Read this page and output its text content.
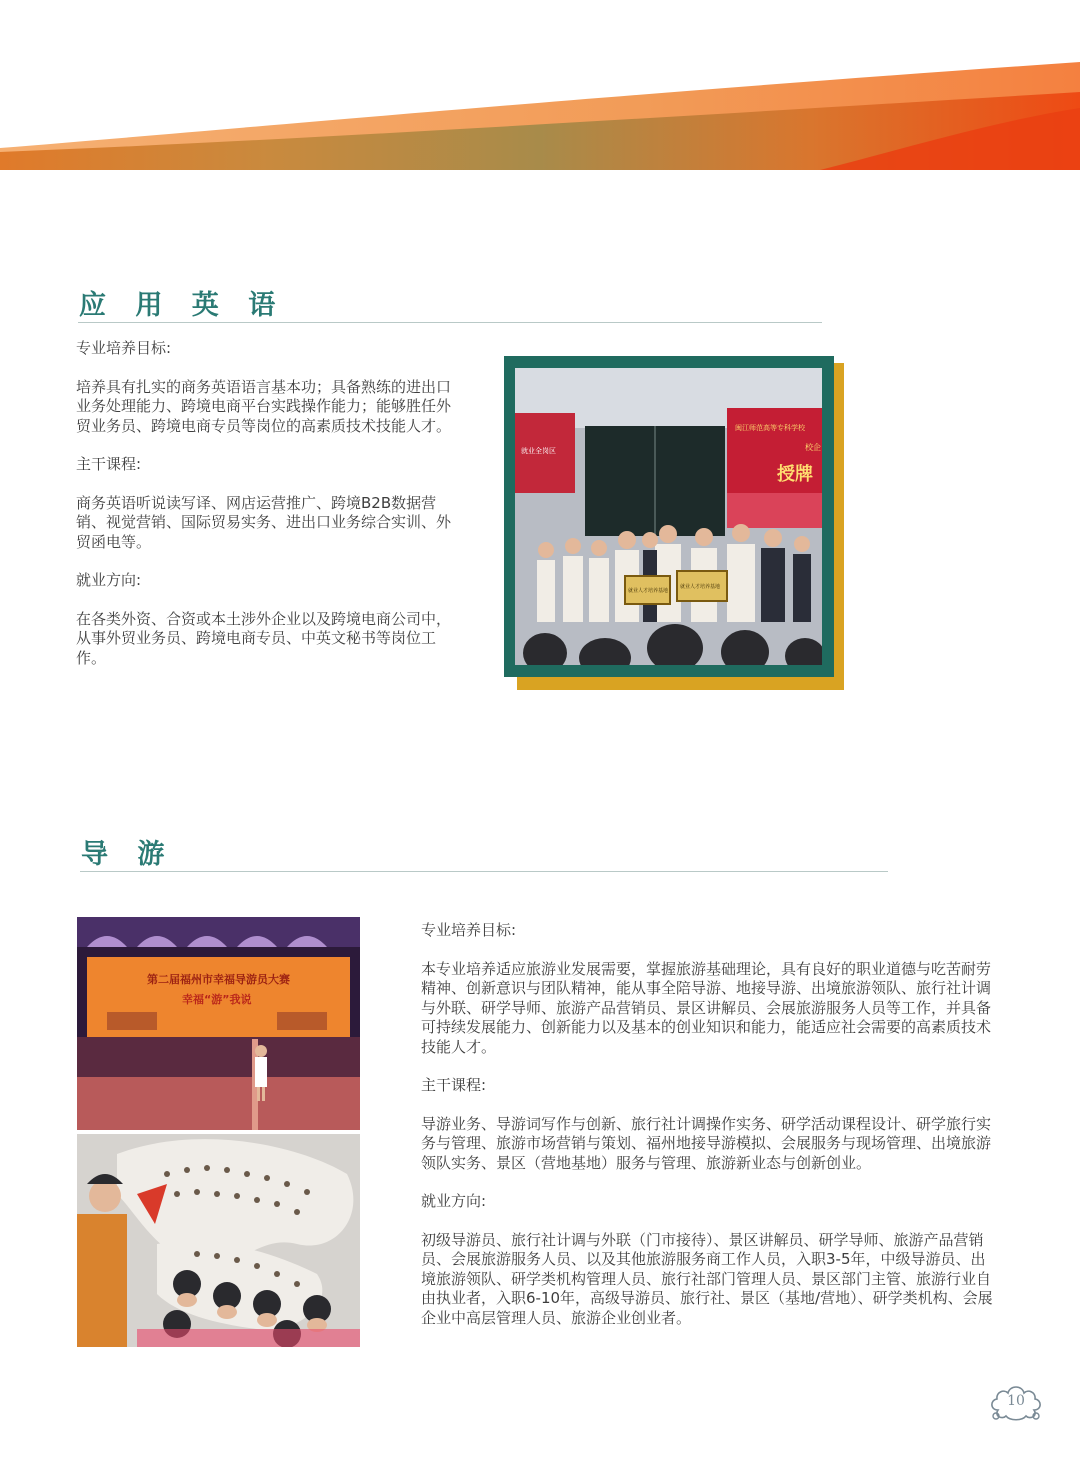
应 用 英 语

专业培养目标:

培养具有扎实的商务英语语言基本功；具备熟练的进出口业务处理能力、跨境电商平台实践操作能力；能够胜任外贸业务员、跨境电商专员等岗位的高素质技术技能人才。

主干课程:

商务英语听说读写译、网店运营推广、跨境B2B数据营销、视觉营销、国际贸易实务、进出口业务综合实训、外贸函电等。

就业方向:

在各类外资、合资或本土涉外企业以及跨境电商公司中，从事外贸业务员、跨境电商专员、中英文秘书等岗位工作。

就业全岗区
闽江师范高等专科学校
校企
授牌
就业人才培养基地
就业人才培养基地
导 游
第二届福州市幸福导游员大赛
幸福“游”我说

专业培养目标:

本专业培养适应旅游业发展需要，掌握旅游基础理论，具有良好的职业道德与吃苦耐劳精神、创新意识与团队精神，能从事全陪导游、地接导游、出境旅游领队、旅行社计调与外联、研学导师、旅游产品营销员、景区讲解员、会展旅游服务人员等工作，并具备可持续发展能力、创新能力以及基本的创业知识和能力，能适应社会需要的高素质技术技能人才。

主干课程:

导游业务、导游词写作与创新、旅行社计调操作实务、研学活动课程设计、研学旅行实务与管理、旅游市场营销与策划、福州地接导游模拟、会展服务与现场管理、出境旅游领队实务、景区（营地基地）服务与管理、旅游新业态与创新创业。

就业方向:

初级导游员、旅行社计调与外联（门市接待）、景区讲解员、研学导师、旅游产品营销员、会展旅游服务人员、以及其他旅游服务商工作人员，入职3-5年，中级导游员、出境旅游领队、研学类机构管理人员、旅行社部门管理人员、景区部门主管、旅游行业自由执业者，入职6-10年，高级导游员、旅行社、景区（基地/营地）、研学类机构、会展企业中高层管理人员、旅游企业创业者。

10
